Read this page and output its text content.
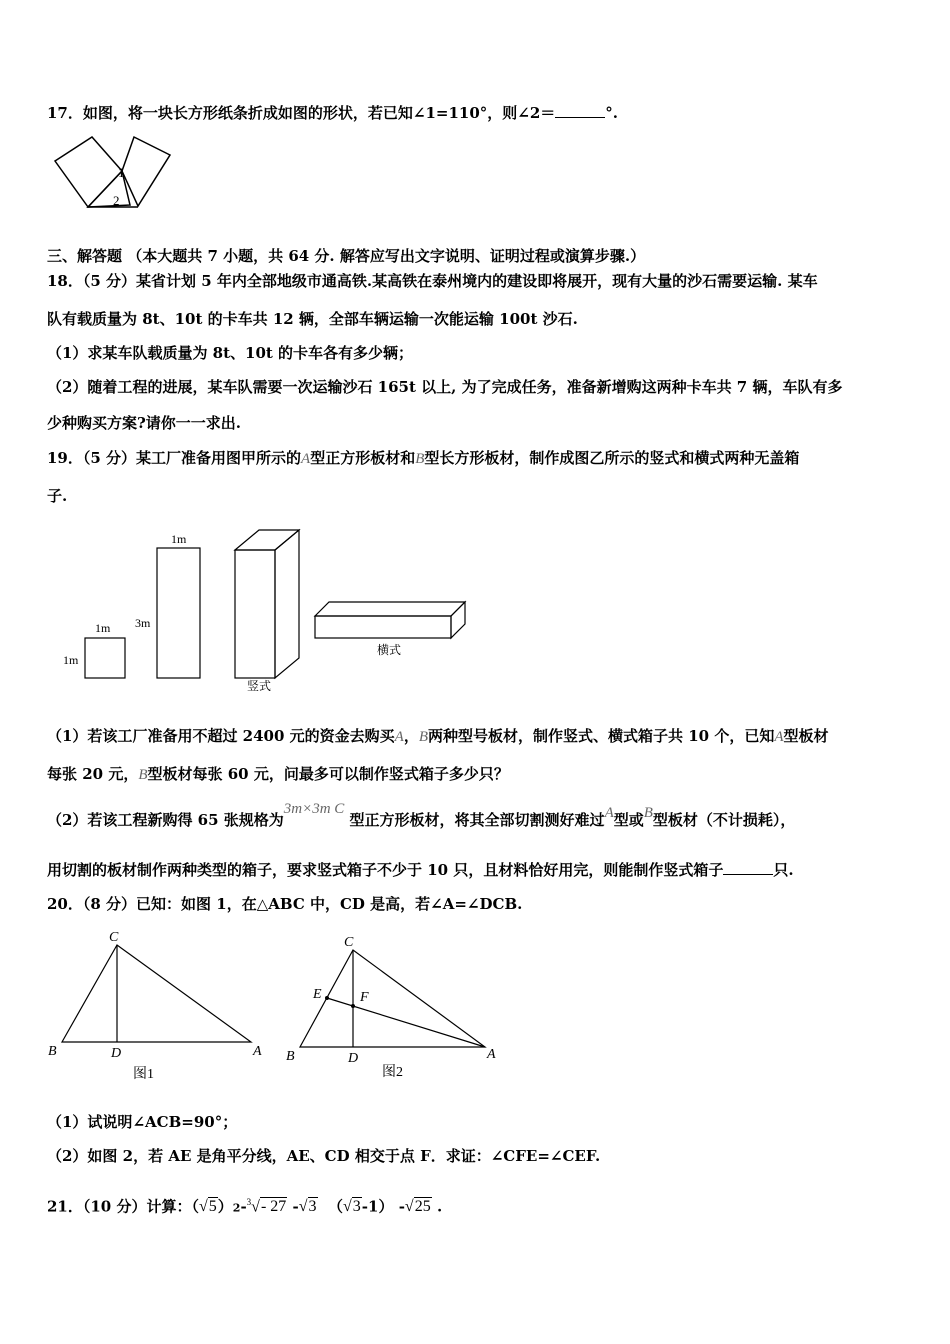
17．如图，将一块长方形纸条折成如图的形状，若已知∠1=110°，则∠2＝	°.
1
2
三、解答题 （本大题共 7 小题，共 64 分. 解答应写出文字说明、证明过程或演算步骤.）
18．（5 分）某省计划 5 年内全部地级市通高铁.某高铁在泰州境内的建设即将展开，现有大量的沙石需要运输. 某车
队有载质量为 8t、10t 的卡车共 12 辆，全部车辆运输一次能运输 100t 沙石.
（1）求某车队载质量为 8t、10t 的卡车各有多少辆；
（2）随着工程的进展，某车队需要一次运输沙石 165t 以上, 为了完成任务，准备新增购这两种卡车共 7 辆，车队有多
少种购买方案?请你一一求出.
19．（5 分）某工厂准备用图甲所示的A型正方形板材和B型长方形板材，制作成图乙所示的竖式和横式两种无盖箱
子.
1m
1m
1m
3m
竖式
横式
（1）若该工厂准备用不超过 2400 元的资金去购买A，B两种型号板材，制作竖式、横式箱子共 10 个，已知A型板材
每张 20 元，B型板材每张 60 元，问最多可以制作竖式箱子多少只？
（2）若该工程新购得 65 张规格为3m×3m C 型正方形板材，将其全部切割测好难过A型或B型板材（不计损耗），
用切割的板材制作两种类型的箱子，要求竖式箱子不少于 10 只，且材料恰好用完，则能制作竖式箱子	只.
20．（8 分）已知：如图 1，在△ABC 中，CD 是高，若∠A=∠DCB.
C
B	D	A
图1
C
E	F
B	D	A
图2
（1）试说明∠ACB=90°；
（2）如图 2，若 AE 是角平分线，AE、CD 相交于点 F．求证：∠CFE=∠CEF.
21．（10 分）计算：（√5）2-$^3$√- 27 -√3 （√3-1） -√25 .
